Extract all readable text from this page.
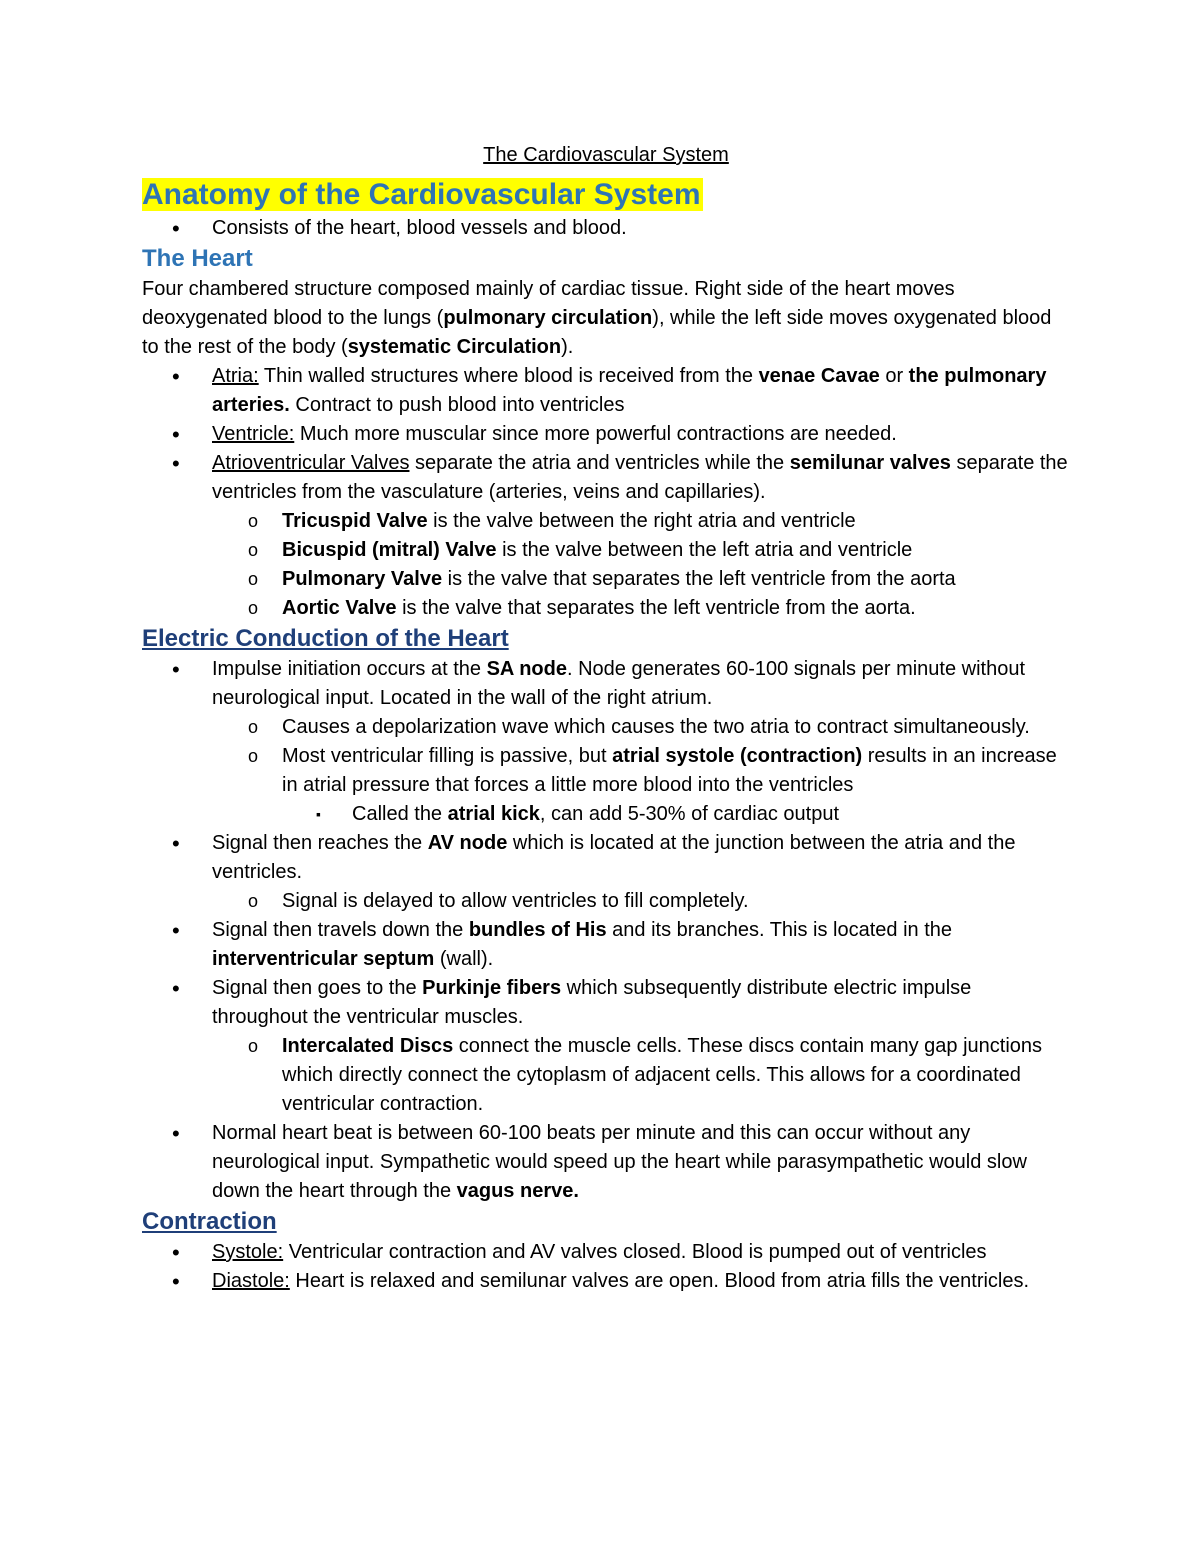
The Cardiovascular System
Anatomy of the Cardiovascular System
• Consists of the heart, blood vessels and blood.
The Heart

Four chambered structure composed mainly of cardiac tissue. Right side of the heart moves deoxygenated blood to the lungs (pulmonary circulation), while the left side moves oxygenated blood to the rest of the body (systematic Circulation).

• Atria: Thin walled structures where blood is received from the venae Cavae or the pulmonary arteries. Contract to push blood into ventricles
• Ventricle: Much more muscular since more powerful contractions are needed.
• Atrioventricular Valves separate the atria and ventricles while the semilunar valves separate the ventricles from the vasculature (arteries, veins and capillaries).
o Tricuspid Valve is the valve between the right atria and ventricle
o Bicuspid (mitral) Valve is the valve between the left atria and ventricle
o Pulmonary Valve is the valve that separates the left ventricle from the aorta
o Aortic Valve is the valve that separates the left ventricle from the aorta.
Electric Conduction of the Heart
• Impulse initiation occurs at the SA node. Node generates 60-100 signals per minute without neurological input. Located in the wall of the right atrium.
o Causes a depolarization wave which causes the two atria to contract simultaneously.
o Most ventricular filling is passive, but atrial systole (contraction) results in an increase in atrial pressure that forces a little more blood into the ventricles
▪ Called the atrial kick, can add 5-30% of cardiac output
• Signal then reaches the AV node which is located at the junction between the atria and the ventricles.
o Signal is delayed to allow ventricles to fill completely.
• Signal then travels down the bundles of His and its branches. This is located in the interventricular septum (wall).
• Signal then goes to the Purkinje fibers which subsequently distribute electric impulse throughout the ventricular muscles.
o Intercalated Discs connect the muscle cells. These discs contain many gap junctions which directly connect the cytoplasm of adjacent cells. This allows for a coordinated ventricular contraction.
• Normal heart beat is between 60-100 beats per minute and this can occur without any neurological input. Sympathetic would speed up the heart while parasympathetic would slow down the heart through the vagus nerve.
Contraction
• Systole: Ventricular contraction and AV valves closed. Blood is pumped out of ventricles
• Diastole: Heart is relaxed and semilunar valves are open. Blood from atria fills the ventricles.
